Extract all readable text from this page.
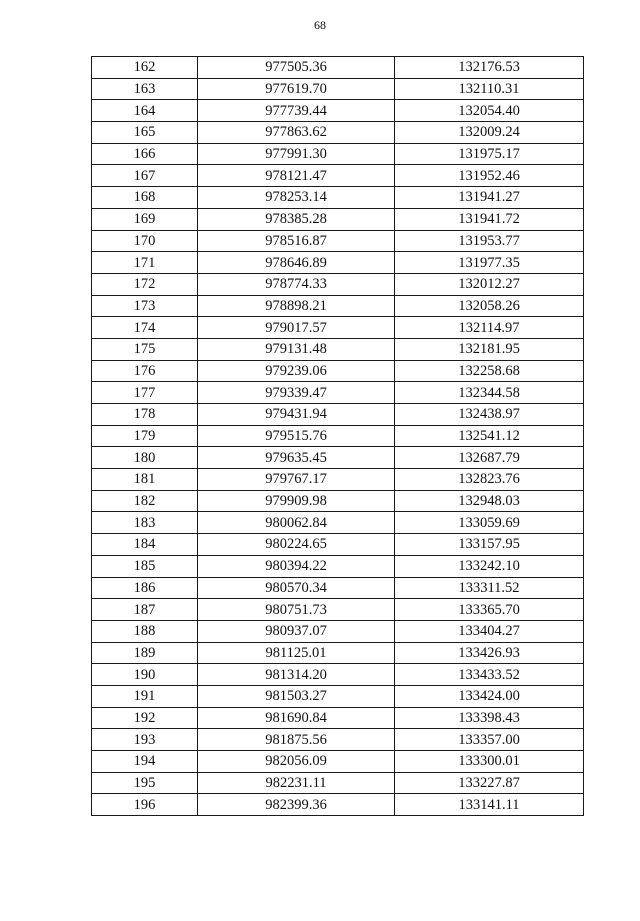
68
162	977505.36	132176.53
163	977619.70	132110.31
164	977739.44	132054.40
165	977863.62	132009.24
166	977991.30	131975.17
167	978121.47	131952.46
168	978253.14	131941.27
169	978385.28	131941.72
170	978516.87	131953.77
171	978646.89	131977.35
172	978774.33	132012.27
173	978898.21	132058.26
174	979017.57	132114.97
175	979131.48	132181.95
176	979239.06	132258.68
177	979339.47	132344.58
178	979431.94	132438.97
179	979515.76	132541.12
180	979635.45	132687.79
181	979767.17	132823.76
182	979909.98	132948.03
183	980062.84	133059.69
184	980224.65	133157.95
185	980394.22	133242.10
186	980570.34	133311.52
187	980751.73	133365.70
188	980937.07	133404.27
189	981125.01	133426.93
190	981314.20	133433.52
191	981503.27	133424.00
192	981690.84	133398.43
193	981875.56	133357.00
194	982056.09	133300.01
195	982231.11	133227.87
196	982399.36	133141.11
